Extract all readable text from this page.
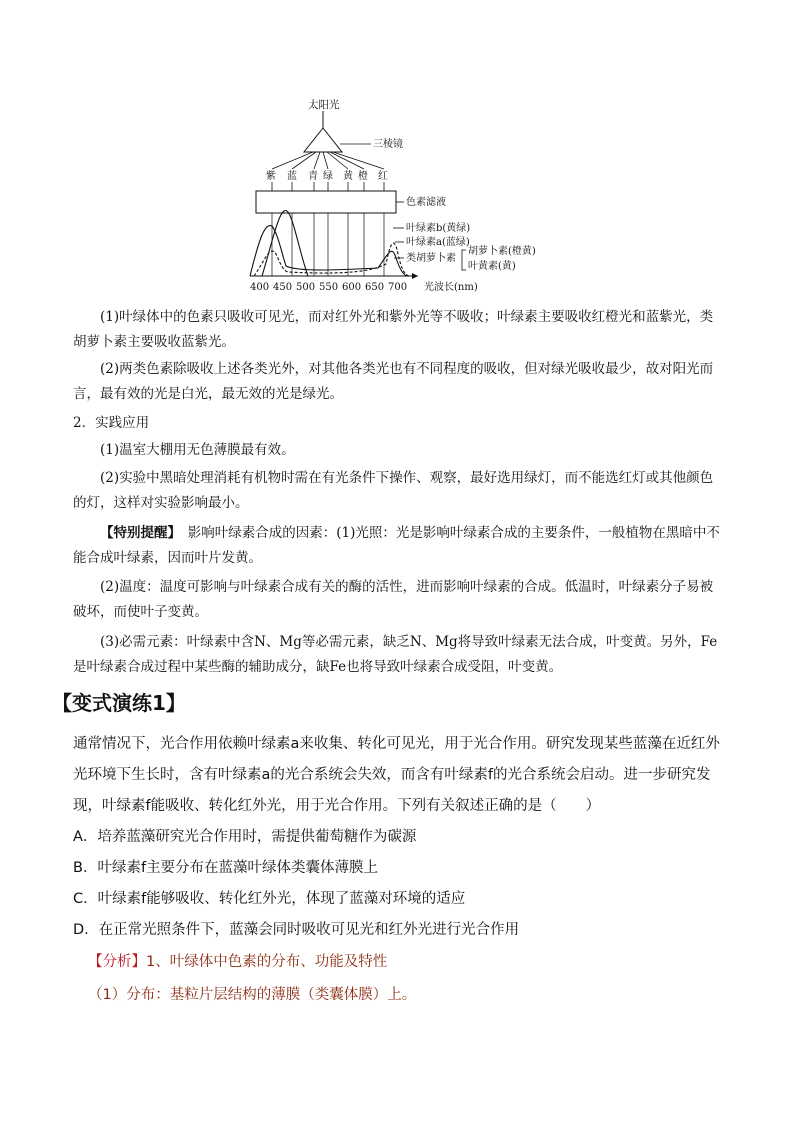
太阳光
三棱镜
紫 蓝 青 绿 黄 橙 红
色素滤液
400 450 500 550 600 650 700 光波长(nm)
叶绿素b(黄绿)
叶绿素a(蓝绿)
类胡萝卜素
胡萝卜素(橙黄)
叶黄素(黄)
(1)叶绿体中的色素只吸收可见光，而对红外光和紫外光等不吸收；叶绿素主要吸收红橙光和蓝紫光，类胡萝卜素主要吸收蓝紫光。
(2)两类色素除吸收上述各类光外，对其他各类光也有不同程度的吸收，但对绿光吸收最少，故对阳光而言，最有效的光是白光，最无效的光是绿光。
2．实践应用
(1)温室大棚用无色薄膜最有效。
(2)实验中黑暗处理消耗有机物时需在有光条件下操作、观察，最好选用绿灯，而不能选红灯或其他颜色的灯，这样对实验影响最小。
【特别提醒】　 影响叶绿素合成的因素：(1)光照：光是影响叶绿素合成的主要条件，一般植物在黑暗中不能合成叶绿素，因而叶片发黄。
(2)温度：温度可影响与叶绿素合成有关的酶的活性，进而影响叶绿素的合成。低温时，叶绿素分子易被破坏，而使叶子变黄。
(3)必需元素：叶绿素中含N、Mg等必需元素，缺乏N、Mg将导致叶绿素无法合成，叶变黄。另外，Fe是叶绿素合成过程中某些酶的辅助成分，缺Fe也将导致叶绿素合成受阻，叶变黄。
【变式演练1】
通常情况下，光合作用依赖叶绿素a来收集、转化可见光，用于光合作用。研究发现某些蓝藻在近红外光环境下生长时，含有叶绿素a的光合系统会失效，而含有叶绿素f的光合系统会启动。进一步研究发现，叶绿素f能吸收、转化红外光，用于光合作用。下列有关叙述正确的是（　　）
A．培养蓝藻研究光合作用时，需提供葡萄糖作为碳源
B．叶绿素f主要分布在蓝藻叶绿体类囊体薄膜上
C．叶绿素f能够吸收、转化红外光，体现了蓝藻对环境的适应
D．在正常光照条件下，蓝藻会同时吸收可见光和红外光进行光合作用
【分析】1、叶绿体中色素的分布、功能及特性
（1）分布：基粒片层结构的薄膜（类囊体膜）上。
